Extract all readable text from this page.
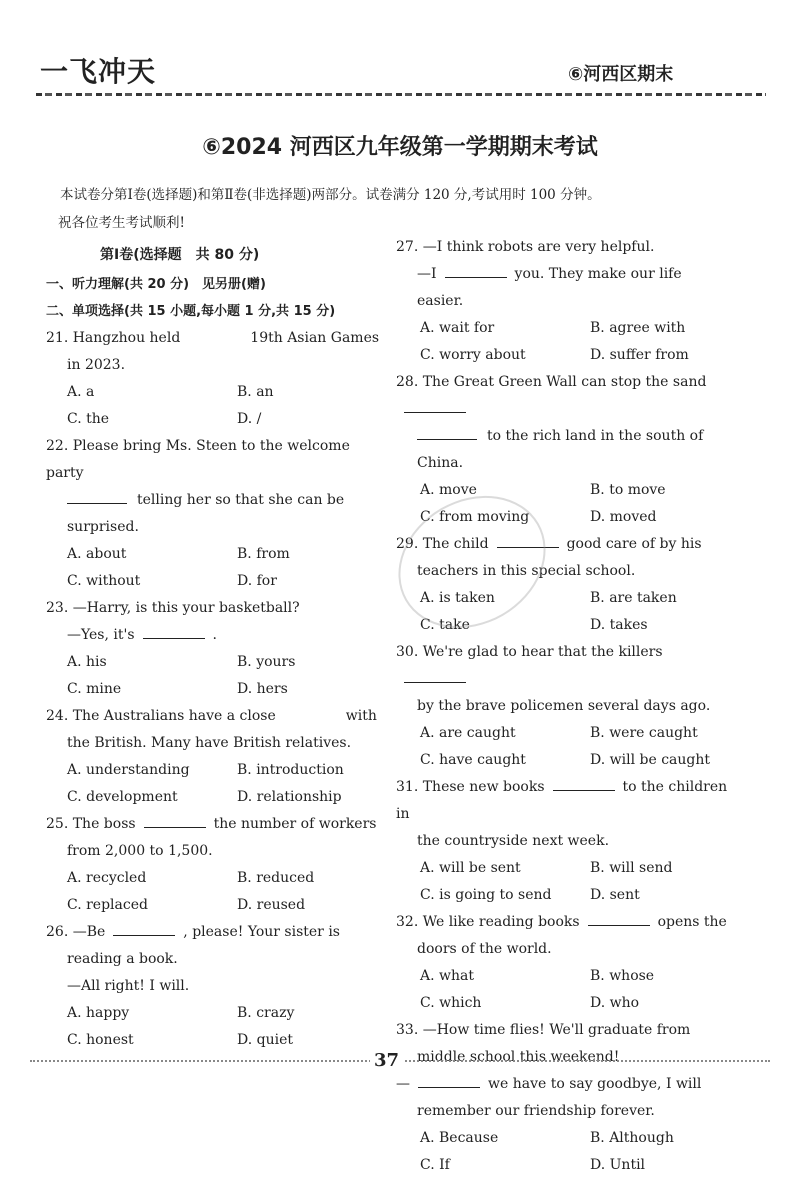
一飞冲天	⑥河西区期末
⑥2024 河西区九年级第一学期期末考试
本试卷分第Ⅰ卷(选择题)和第Ⅱ卷(非选择题)两部分。试卷满分 120 分,考试用时 100 分钟。
祝各位考生考试顺利!
第Ⅰ卷(选择题　共 80 分)
一、听力理解(共 20 分)　见另册(赠)
二、单项选择(共 15 小题,每小题 1 分,共 15 分)
21. Hangzhou held	19th Asian Games
in 2023.
A. a	B. an
C. the	D. /
22. Please bring Ms. Steen to the welcome party
telling her so that she can be
surprised.
A. about	B. from
C. without	D. for
23. —Harry, is this your basketball?
—Yes, it's	.
A. his	B. yours
C. mine	D. hers
24. The Australians have a close	with
the British. Many have British relatives.
A. understanding	B. introduction
C. development	D. relationship
25. The boss	the number of workers
from 2,000 to 1,500.
A. recycled	B. reduced
C. replaced	D. reused
26. —Be	, please! Your sister is
reading a book.
—All right! I will.
A. happy	B. crazy
C. honest	D. quiet
27. —I think robots are very helpful.
—I	you. They make our life easier.
A. wait for	B. agree with
C. worry about	D. suffer from
28. The Great Green Wall can stop the sand
to the rich land in the south of China.
A. move	B. to move
C. from moving	D. moved
29. The child	good care of by his
teachers in this special school.
A. is taken	B. are taken
C. take	D. takes
30. We're glad to hear that the killers
by the brave policemen several days ago.
A. are caught	B. were caught
C. have caught	D. will be caught
31. These new books	to the children in
the countryside next week.
A. will be sent	B. will send
C. is going to send	D. sent
32. We like reading books	opens the
doors of the world.
A. what	B. whose
C. which	D. who
33. —How time flies! We'll graduate from
middle school this weekend!
—	we have to say goodbye, I will
remember our friendship forever.
A. Because	B. Although
C. If	D. Until
37
